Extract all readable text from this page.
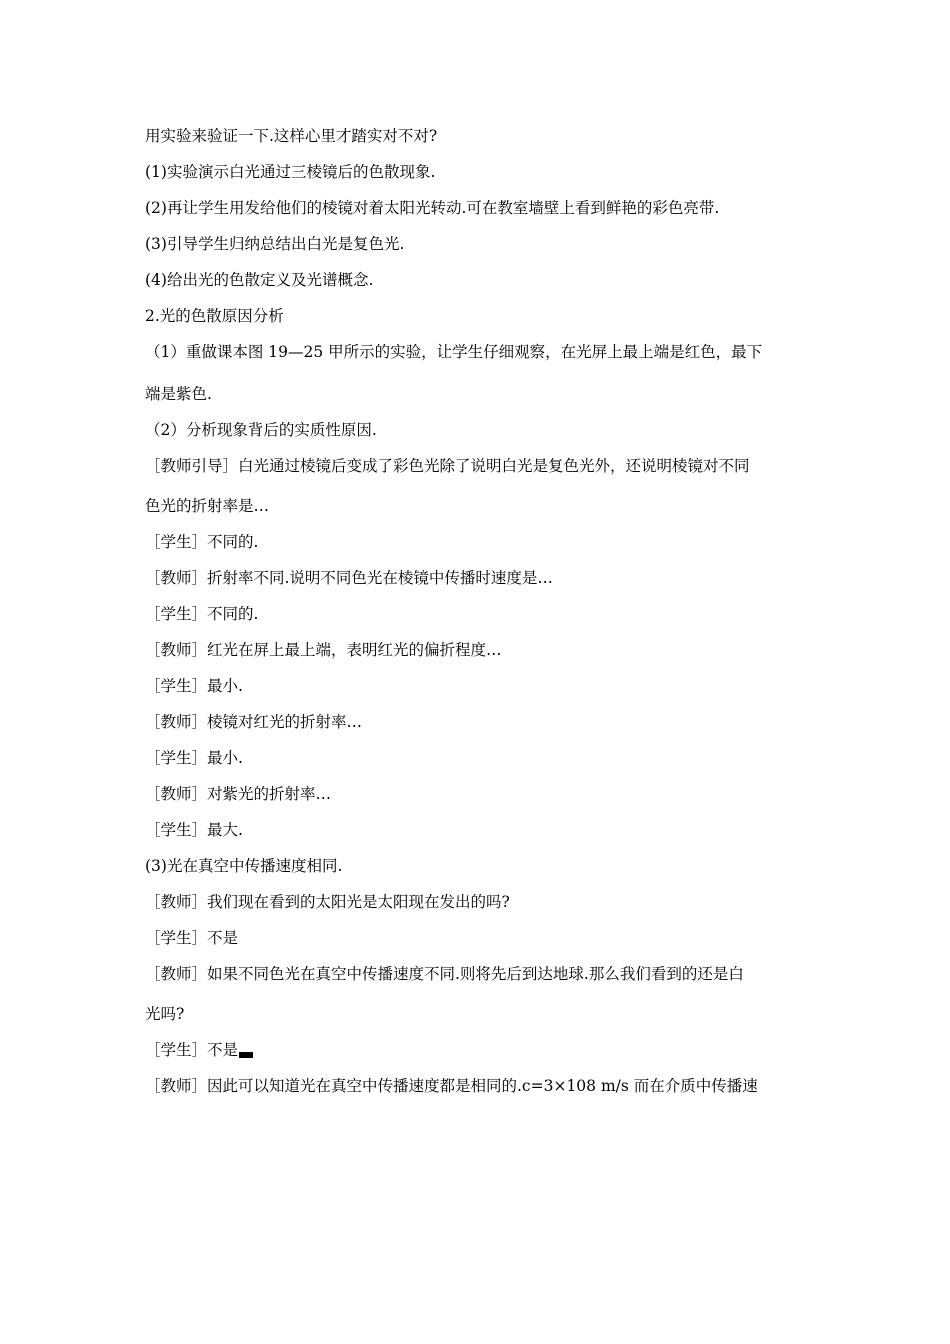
用实验来验证一下.这样心里才踏实对不对?
(1)实验演示白光通过三棱镜后的色散现象.
(2)再让学生用发给他们的棱镜对着太阳光转动.可在教室墙壁上看到鲜艳的彩色亮带.
(3)引导学生归纳总结出白光是复色光.
(4)给出光的色散定义及光谱概念.
2.光的色散原因分析
（1）重做课本图 19—25 甲所示的实验，让学生仔细观察，在光屏上最上端是红色，最下
端是紫色.
（2）分析现象背后的实质性原因.
［教师引导］白光通过棱镜后变成了彩色光除了说明白光是复色光外，还说明棱镜对不同
色光的折射率是…
［学生］不同的.
［教师］折射率不同.说明不同色光在棱镜中传播时速度是…
［学生］不同的.
［教师］红光在屏上最上端，表明红光的偏折程度…
［学生］最小.
［教师］棱镜对红光的折射率…
［学生］最小.
［教师］对紫光的折射率…
［学生］最大.
(3)光在真空中传播速度相同.
［教师］我们现在看到的太阳光是太阳现在发出的吗?
［学生］不是
［教师］如果不同色光在真空中传播速度不同.则将先后到达地球.那么我们看到的还是白
光吗?
［学生］不是
［教师］因此可以知道光在真空中传播速度都是相同的.c=3×108 m/s 而在介质中传播速
